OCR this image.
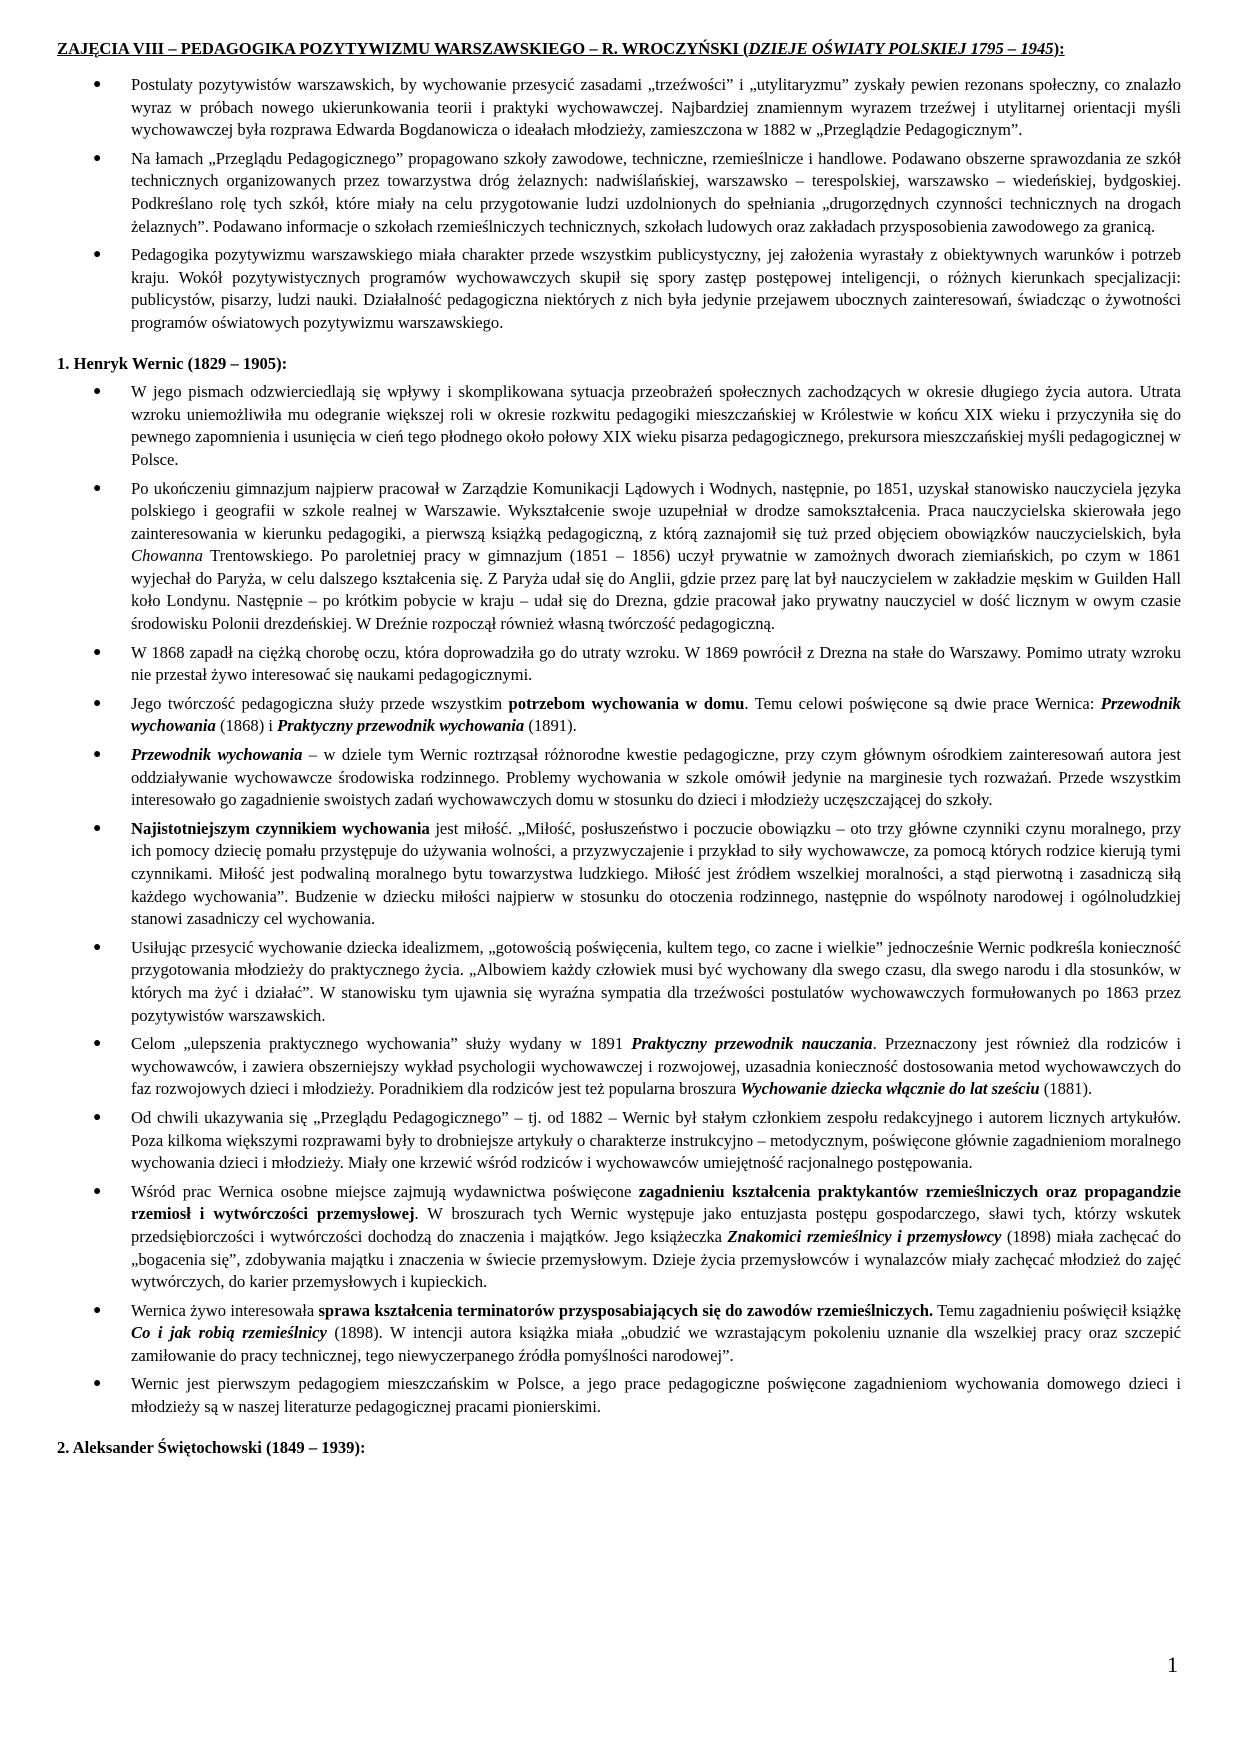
ZAJĘCIA VIII – PEDAGOGIKA POZYTYWIZMU WARSZAWSKIEGO – R. WROCZYŃSKI (DZIEJE OŚWIATY POLSKIEJ 1795 – 1945):
● Postulaty pozytywistów warszawskich, by wychowanie przesycić zasadami „trzeźwości” i „utylitaryzmu” zyskały pewien rezonans społeczny, co znalazło wyraz w próbach nowego ukierunkowania teorii i praktyki wychowawczej. Najbardziej znamiennym wyrazem trzeźwej i utylitarnej orientacji myśli wychowawczej była rozprawa Edwarda Bogdanowicza o ideałach młodzieży, zamieszczona w 1882 w „Przeglądzie Pedagogicznym”.
● Na łamach „Przeglądu Pedagogicznego” propagowano szkoły zawodowe, techniczne, rzemieślnicze i handlowe. Podawano obszerne sprawozdania ze szkół technicznych organizowanych przez towarzystwa dróg żelaznych: nadwiślańskiej, warszawsko – terespolskiej, warszawsko – wiedeńskiej, bydgoskiej. Podkreślano rolę tych szkół, które miały na celu przygotowanie ludzi uzdolnionych do spełniania „drugorzędnych czynności technicznych na drogach żelaznych”. Podawano informacje o szkołach rzemieślniczych technicznych, szkołach ludowych oraz zakładach przysposobienia zawodowego za granicą.
● Pedagogika pozytywizmu warszawskiego miała charakter przede wszystkim publicystyczny, jej założenia wyrastały z obiektywnych warunków i potrzeb kraju. Wokół pozytywistycznych programów wychowawczych skupił się spory zastęp postępowej inteligencji, o różnych kierunkach specjalizacji: publicystów, pisarzy, ludzi nauki. Działalność pedagogiczna niektórych z nich była jedynie przejawem ubocznych zainteresowań, świadcząc o żywotności programów oświatowych pozytywizmu warszawskiego.
1. Henryk Wernic (1829 – 1905):
● W jego pismach odzwierciedlają się wpływy i skomplikowana sytuacja przeobrażeń społecznych zachodzących w okresie długiego życia autora. Utrata wzroku uniemożliwiła mu odegranie większej roli w okresie rozkwitu pedagogiki mieszczańskiej w Królestwie w końcu XIX wieku i przyczyniła się do pewnego zapomnienia i usunięcia w cień tego płodnego około połowy XIX wieku pisarza pedagogicznego, prekursora mieszczańskiej myśli pedagogicznej w Polsce.
● Po ukończeniu gimnazjum najpierw pracował w Zarządzie Komunikacji Lądowych i Wodnych, następnie, po 1851, uzyskał stanowisko nauczyciela języka polskiego i geografii w szkole realnej w Warszawie. Wykształcenie swoje uzupełniał w drodze samokształcenia. Praca nauczycielska skierowała jego zainteresowania w kierunku pedagogiki, a pierwszą książką pedagogiczną, z którą zaznajomił się tuż przed objęciem obowiązków nauczycielskich, była Chowanna Trentowskiego. Po paroletniej pracy w gimnazjum (1851 – 1856) uczył prywatnie w zamożnych dworach ziemiańskich, po czym w 1861 wyjechał do Paryża, w celu dalszego kształcenia się. Z Paryża udał się do Anglii, gdzie przez parę lat był nauczycielem w zakładzie męskim w Guilden Hall koło Londynu. Następnie – po krótkim pobycie w kraju – udał się do Drezna, gdzie pracował jako prywatny nauczyciel w dość licznym w owym czasie środowisku Polonii drezdeńskiej. W Dreźnie rozpoczął również własną twórczość pedagogiczną.
● W 1868 zapadł na ciężką chorobę oczu, która doprowadziła go do utraty wzroku. W 1869 powrócił z Drezna na stałe do Warszawy. Pomimo utraty wzroku nie przestał żywo interesować się naukami pedagogicznymi.
● Jego twórczość pedagogiczna służy przede wszystkim potrzebom wychowania w domu. Temu celowi poświęcone są dwie prace Wernica: Przewodnik wychowania (1868) i Praktyczny przewodnik wychowania (1891).
● Przewodnik wychowania – w dziele tym Wernic roztrząsał różnorodne kwestie pedagogiczne, przy czym głównym ośrodkiem zainteresowań autora jest oddziaływanie wychowawcze środowiska rodzinnego. Problemy wychowania w szkole omówił jedynie na marginesie tych rozważań. Przede wszystkim interesowało go zagadnienie swoistych zadań wychowawczych domu w stosunku do dzieci i młodzieży uczęszczającej do szkoły.
● Najistotniejszym czynnikiem wychowania jest miłość. „Miłość, posłuszeństwo i poczucie obowiązku – oto trzy główne czynniki czynu moralnego, przy ich pomocy dziecię pomału przystępuje do używania wolności, a przyzwyczajenie i przykład to siły wychowawcze, za pomocą których rodzice kierują tymi czynnikami. Miłość jest podwaliną moralnego bytu towarzystwa ludzkiego. Miłość jest źródłem wszelkiej moralności, a stąd pierwotną i zasadniczą siłą każdego wychowania”. Budzenie w dziecku miłości najpierw w stosunku do otoczenia rodzinnego, następnie do wspólnoty narodowej i ogólnoludzkiej stanowi zasadniczy cel wychowania.
● Usiłując przesycić wychowanie dziecka idealizmem, „gotowością poświęcenia, kultem tego, co zacne i wielkie” jednocześnie Wernic podkreśla konieczność przygotowania młodzieży do praktycznego życia. „Albowiem każdy człowiek musi być wychowany dla swego czasu, dla swego narodu i dla stosunków, w których ma żyć i działać”. W stanowisku tym ujawnia się wyraźna sympatia dla trzeźwości postulatów wychowawczych formułowanych po 1863 przez pozytywistów warszawskich.
● Celom „ulepszenia praktycznego wychowania” służy wydany w 1891 Praktyczny przewodnik nauczania. Przeznaczony jest również dla rodziców i wychowawców, i zawiera obszerniejszy wykład psychologii wychowawczej i rozwojowej, uzasadnia konieczność dostosowania metod wychowawczych do faz rozwojowych dzieci i młodzieży. Poradnikiem dla rodziców jest też popularna broszura Wychowanie dziecka włącznie do lat sześciu (1881).
● Od chwili ukazywania się „Przeglądu Pedagogicznego” – tj. od 1882 – Wernic był stałym członkiem zespołu redakcyjnego i autorem licznych artykułów. Poza kilkoma większymi rozprawami były to drobniejsze artykuły o charakterze instrukcyjno – metodycznym, poświęcone głównie zagadnieniom moralnego wychowania dzieci i młodzieży. Miały one krzewić wśród rodziców i wychowawców umiejętność racjonalnego postępowania.
● Wśród prac Wernica osobne miejsce zajmują wydawnictwa poświęcone zagadnieniu kształcenia praktykantów rzemieślniczych oraz propagandzie rzemiosł i wytwórczości przemysłowej. W broszurach tych Wernic występuje jako entuzjasta postępu gospodarczego, sławi tych, którzy wskutek przedsiębiorczości i wytwórczości dochodzą do znaczenia i majątków. Jego książeczka Znakomici rzemieślnicy i przemysłowcy (1898) miała zachęcać do „bogacenia się”, zdobywania majątku i znaczenia w świecie przemysłowym. Dzieje życia przemysłowców i wynalazców miały zachęcać młodzież do zajęć wytwórczych, do karier przemysłowych i kupieckich.
● Wernica żywo interesowała sprawa kształcenia terminatorów przysposabiających się do zawodów rzemieślniczych. Temu zagadnieniu poświęcił książkę Co i jak robią rzemieślnicy (1898). W intencji autora książka miała „obudzić we wzrastającym pokoleniu uznanie dla wszelkiej pracy oraz szczepić zamiłowanie do pracy technicznej, tego niewyczerpanego źródła pomyślności narodowej”.
● Wernic jest pierwszym pedagogiem mieszczańskim w Polsce, a jego prace pedagogiczne poświęcone zagadnieniom wychowania domowego dzieci i młodzieży są w naszej literaturze pedagogicznej pracami pionierskimi.
2. Aleksander Świętochowski (1849 – 1939):
1
